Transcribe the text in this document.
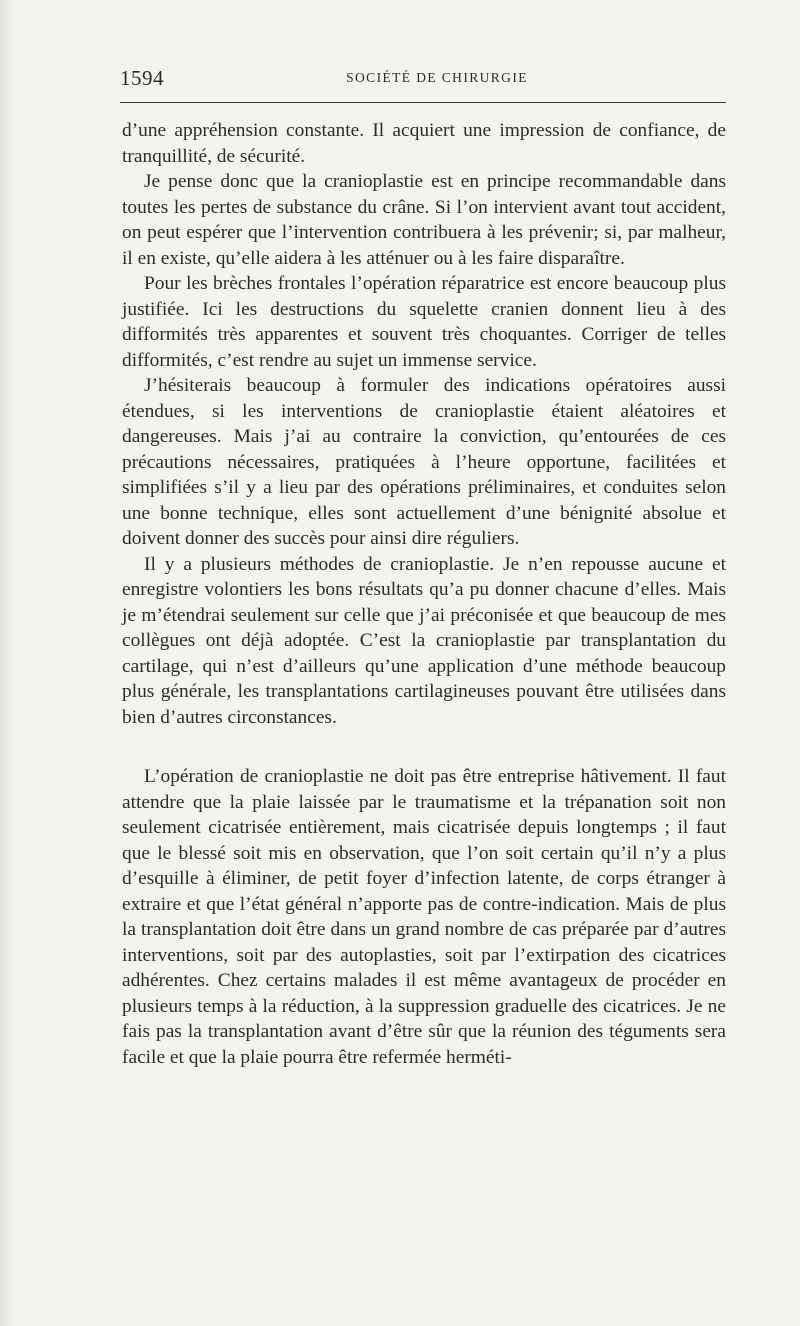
1594	SOCIÉTÉ DE CHIRURGIE

d’une appréhension constante. Il acquiert une impression de confiance, de tranquillité, de sécurité.

Je pense donc que la cranioplastie est en principe recommandable dans toutes les pertes de substance du crâne. Si l’on intervient avant tout accident, on peut espérer que l’intervention contribuera à les prévenir; si, par malheur, il en existe, qu’elle aidera à les atténuer ou à les faire disparaître.

Pour les brèches frontales l’opération réparatrice est encore beaucoup plus justifiée. Ici les destructions du squelette cranien donnent lieu à des difformités très apparentes et souvent très choquantes. Corriger de telles difformités, c’est rendre au sujet un immense service.

J’hésiterais beaucoup à formuler des indications opératoires aussi étendues, si les interventions de cranioplastie étaient aléatoires et dangereuses. Mais j’ai au contraire la conviction, qu’entourées de ces précautions nécessaires, pratiquées à l’heure opportune, facilitées et simplifiées s’il y a lieu par des opérations préliminaires, et conduites selon une bonne technique, elles sont actuellement d’une bénignité absolue et doivent donner des succès pour ainsi dire réguliers.

Il y a plusieurs méthodes de cranioplastie. Je n’en repousse aucune et enregistre volontiers les bons résultats qu’a pu donner chacune d’elles. Mais je m’étendrai seulement sur celle que j’ai préconisée et que beaucoup de mes collègues ont déjà adoptée. C’est la cranioplastie par transplantation du cartilage, qui n’est d’ailleurs qu’une application d’une méthode beaucoup plus générale, les transplantations cartilagineuses pouvant être utilisées dans bien d’autres circonstances.

L’opération de cranioplastie ne doit pas être entreprise hâtivement. Il faut attendre que la plaie laissée par le traumatisme et la trépanation soit non seulement cicatrisée entièrement, mais cicatrisée depuis longtemps ; il faut que le blessé soit mis en observation, que l’on soit certain qu’il n’y a plus d’esquille à éliminer, de petit foyer d’infection latente, de corps étranger à extraire et que l’état général n’apporte pas de contre-indication. Mais de plus la transplantation doit être dans un grand nombre de cas préparée par d’autres interventions, soit par des autoplasties, soit par l’extirpation des cicatrices adhérentes. Chez certains malades il est même avantageux de procéder en plusieurs temps à la réduction, à la suppression graduelle des cicatrices. Je ne fais pas la transplantation avant d’être sûr que la réunion des téguments sera facile et que la plaie pourra être refermée herméti-
